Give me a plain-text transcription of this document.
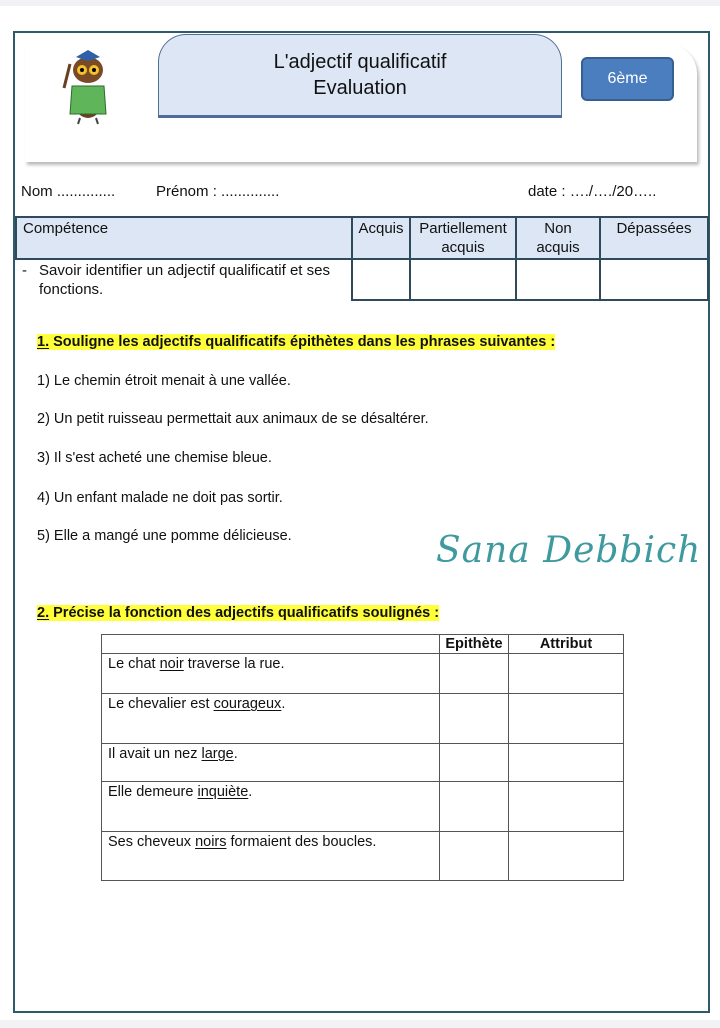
L'adjectif qualificatif
Evaluation	6ème
Nom ..............	Prénom : ..............	date : …./…./20…..
Compétence	Acquis	Partiellement acquis	Non acquis	Dépassées

- Savoir identifier un adjectif qualificatif et ses fonctions.

1. Souligne les adjectifs qualificatifs épithètes dans les phrases suivantes :
1) Le chemin étroit menait à une vallée.
2) Un petit ruisseau permettait aux animaux de se désaltérer.
3) Il s'est acheté une chemise bleue.
4) Un enfant malade ne doit pas sortir.
5) Elle a mangé une pomme délicieuse.	Sana Debbich
2. Précise la fonction des adjectifs qualificatifs soulignés :
	Epithète	Attribut
Le chat noir traverse la rue.		
Le chevalier est courageux.		
Il avait un nez large.		
Elle demeure inquiète.		
Ses cheveux noirs formaient des boucles.		
